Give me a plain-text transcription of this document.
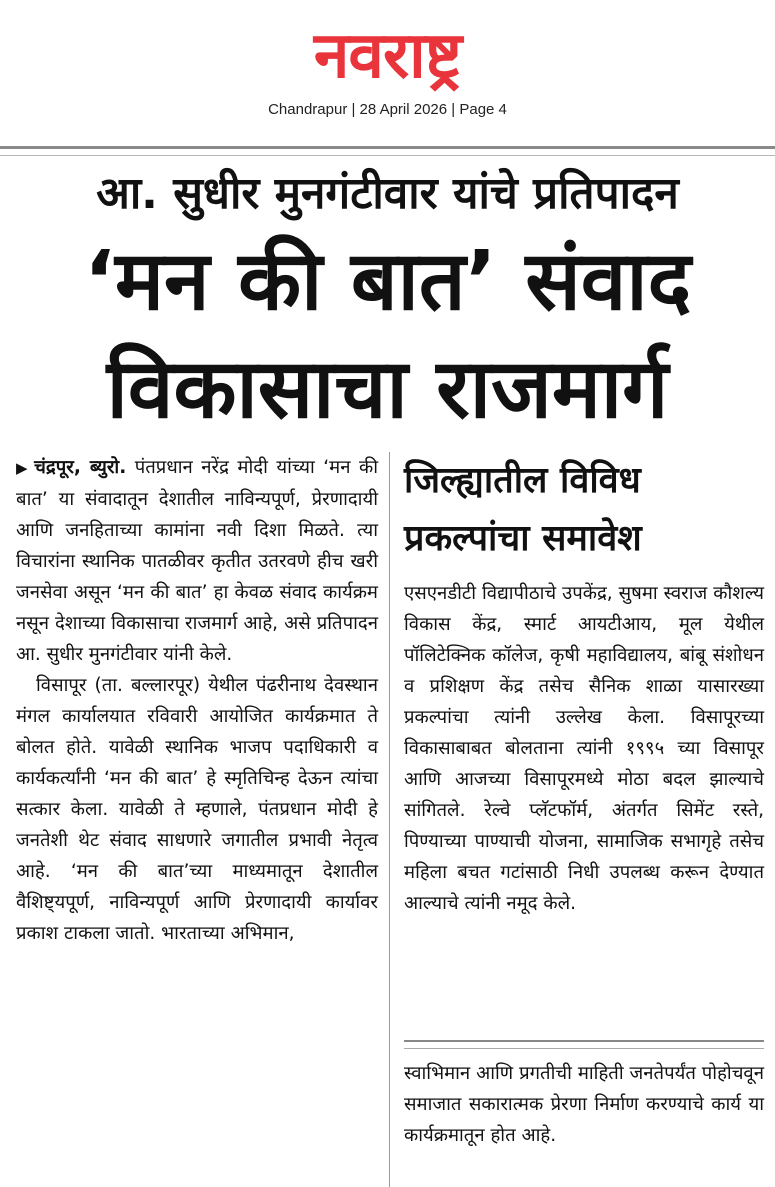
नवराष्ट्र
Chandrapur | 28 April 2026 | Page 4
आ. सुधीर मुनगंटीवार यांचे प्रतिपादन
‘मन की बात’ संवाद
विकासाचा राजमार्ग

▶ चंद्रपूर, ब्युरो. पंतप्रधान नरेंद्र मोदी यांच्या ‘मन की बात’ या संवादातून देशातील नाविन्यपूर्ण, प्रेरणादायी आणि जनहिताच्या कामांना नवी दिशा मिळते. त्या विचारांना स्थानिक पातळीवर कृतीत उतरवणे हीच खरी जनसेवा असून ‘मन की बात’ हा केवळ संवाद कार्यक्रम नसून देशाच्या विकासाचा राजमार्ग आहे, असे प्रतिपादन आ. सुधीर मुनगंटीवार यांनी केले.

विसापूर (ता. बल्लारपूर) येथील पंढरीनाथ देवस्थान मंगल कार्यालयात रविवारी आयोजित कार्यक्रमात ते बोलत होते. यावेळी स्थानिक भाजप पदाधिकारी व कार्यकर्त्यांनी ‘मन की बात’ हे स्मृतिचिन्ह देऊन त्यांचा सत्कार केला. यावेळी ते म्हणाले, पंतप्रधान मोदी हे जनतेशी थेट संवाद साधणारे जगातील प्रभावी नेतृत्व आहे. ‘मन की बात’च्या माध्यमातून देशातील वैशिष्ट्यपूर्ण, नाविन्यपूर्ण आणि प्रेरणादायी कार्यावर प्रकाश टाकला जातो. भारताच्या अभिमान,

जिल्ह्यातील विविध प्रकल्पांचा समावेश

एसएनडीटी विद्यापीठाचे उपकेंद्र, सुषमा स्वराज कौशल्य विकास केंद्र, स्मार्ट आयटीआय, मूल येथील पॉलिटेक्निक कॉलेज, कृषी महाविद्यालय, बांबू संशोधन व प्रशिक्षण केंद्र तसेच सैनिक शाळा यासारख्या प्रकल्पांचा त्यांनी उल्लेख केला. विसापूरच्या विकासाबाबत बोलताना त्यांनी १९९५ च्या विसापूर आणि आजच्या विसापूरमध्ये मोठा बदल झाल्याचे सांगितले. रेल्वे प्लॅटफॉर्म, अंतर्गत सिमेंट रस्ते, पिण्याच्या पाण्याची योजना, सामाजिक सभागृहे तसेच महिला बचत गटांसाठी निधी उपलब्ध करून देण्यात आल्याचे त्यांनी नमूद केले.

स्वाभिमान आणि प्रगतीची माहिती जनतेपर्यंत पोहोचवून समाजात सकारात्मक प्रेरणा निर्माण करण्याचे कार्य या कार्यक्रमातून होत आहे.
